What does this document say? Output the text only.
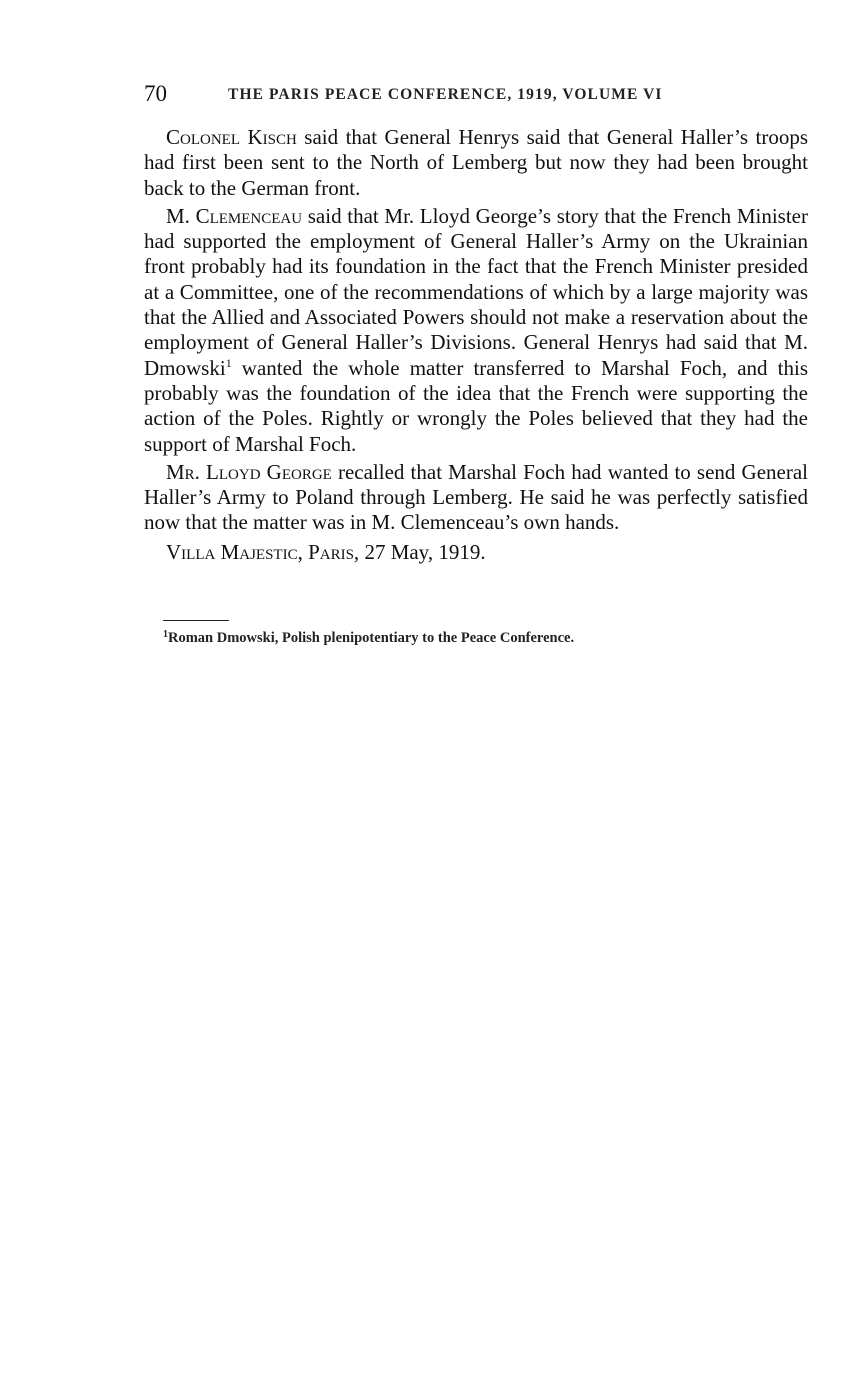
70	THE PARIS PEACE CONFERENCE, 1919, VOLUME VI

Colonel Kisch said that General Henrys said that General Haller’s troops had first been sent to the North of Lemberg but now they had been brought back to the German front.

M. Clemenceau said that Mr. Lloyd George’s story that the French Minister had supported the employment of General Haller’s Army on the Ukrainian front probably had its foundation in the fact that the French Minister presided at a Committee, one of the recommendations of which by a large majority was that the Allied and Associated Powers should not make a reservation about the employment of General Haller’s Divisions. General Henrys had said that M. Dmowski$^1$ wanted the whole matter transferred to Marshal Foch, and this probably was the foundation of the idea that the French were supporting the action of the Poles. Rightly or wrongly the Poles believed that they had the support of Marshal Foch.

Mr. Lloyd George recalled that Marshal Foch had wanted to send General Haller’s Army to Poland through Lemberg. He said he was perfectly satisfied now that the matter was in M. Clemenceau’s own hands.

Villa Majestic, Paris, 27 May, 1919.

$^1$Roman Dmowski, Polish plenipotentiary to the Peace Conference.
